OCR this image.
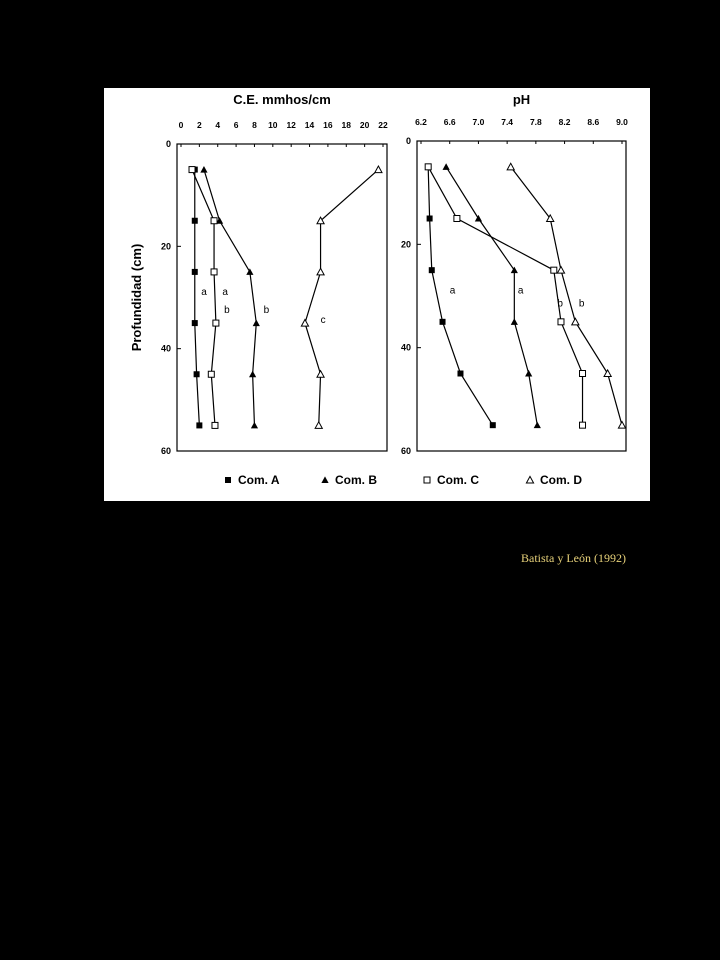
C.E. mmhos/cm
0 2 4 6 8 10 12 14 16 18 20 22
0
20
40
60
Profundidad (cm)	a a
b	b
c
pH
6.2 6.6 7.0 7.4 7.8 8.2 8.6 9.0
0
20
40
60
a	a
b b
Com. A	Com. B	Com. C	Com. D
Batista y León (1992)
